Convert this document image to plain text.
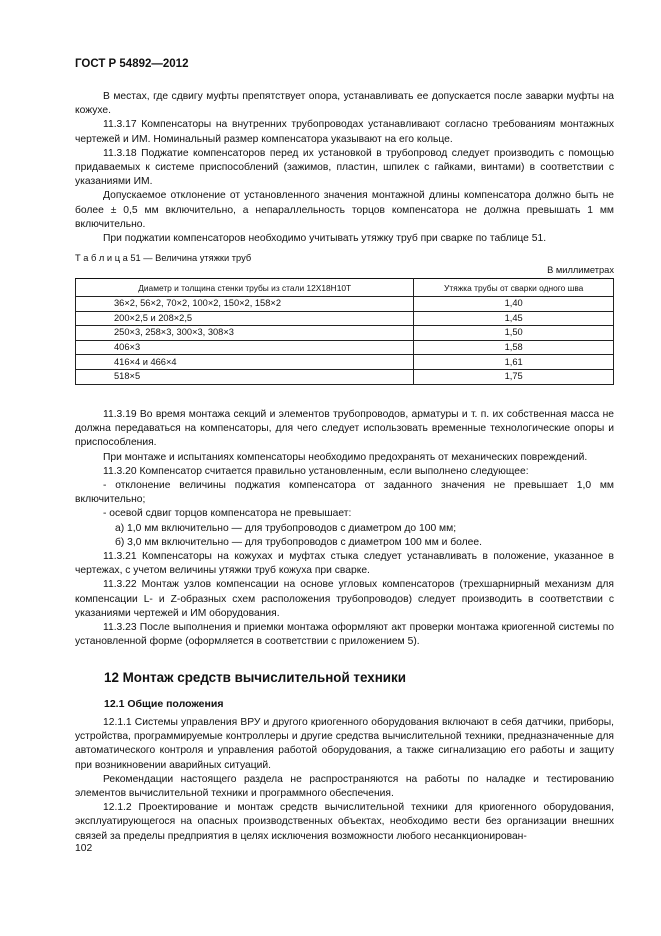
ГОСТ Р 54892—2012

В местах, где сдвигу муфты препятствует опора, устанавливать ее допускается после заварки муфты на кожухе.

11.3.17 Компенсаторы на внутренних трубопроводах устанавливают согласно требованиям монтажных чертежей и ИМ. Номинальный размер компенсатора указывают на его кольце.

11.3.18 Поджатие компенсаторов перед их установкой в трубопровод следует производить с помощью придаваемых к системе приспособлений (зажимов, пластин, шпилек с гайками, винтами) в соответствии с указаниями ИМ.

Допускаемое отклонение от установленного значения монтажной длины компенсатора должно быть не более ± 0,5 мм включительно, а непараллельность торцов компенсатора не должна превышать 1 мм включительно.

При поджатии компенсаторов необходимо учитывать утяжку труб при сварке по таблице 51.

Т а б л и ц а 51 — Величина утяжки труб
В миллиметрах
Диаметр и толщина стенки трубы из стали 12Х18Н10Т	Утяжка трубы от сварки одного шва
36×2, 56×2, 70×2, 100×2, 150×2, 158×2	1,40
200×2,5 и 208×2,5	1,45
250×3, 258×3, 300×3, 308×3	1,50
406×3	1,58
416×4 и 466×4	1,61
518×5	1,75

11.3.19 Во время монтажа секций и элементов трубопроводов, арматуры и т. п. их собственная масса не должна передаваться на компенсаторы, для чего следует использовать временные технологические опоры и приспособления.

При монтаже и испытаниях компенсаторы необходимо предохранять от механических повреждений.

11.3.20 Компенсатор считается правильно установленным, если выполнено следующее:

- отклонение величины поджатия компенсатора от заданного значения не превышает 1,0 мм включительно;

- осевой сдвиг торцов компенсатора не превышает:

а) 1,0 мм включительно — для трубопроводов с диаметром до 100 мм;

б) 3,0 мм включительно — для трубопроводов с диаметром 100 мм и более.

11.3.21 Компенсаторы на кожухах и муфтах стыка следует устанавливать в положение, указанное в чертежах, с учетом величины утяжки труб кожуха при сварке.

11.3.22 Монтаж узлов компенсации на основе угловых компенсаторов (трехшарнирный механизм для компенсации L- и Z-образных схем расположения трубопроводов) следует производить в соответствии с указаниями чертежей и ИМ оборудования.

11.3.23 После выполнения и приемки монтажа оформляют акт проверки монтажа криогенной системы по установленной форме (оформляется в соответствии с приложением 5).

12 Монтаж средств вычислительной техники
12.1 Общие положения

12.1.1 Системы управления ВРУ и другого криогенного оборудования включают в себя датчики, приборы, устройства, программируемые контроллеры и другие средства вычислительной техники, предназначенные для автоматического контроля и управления работой оборудования, а также сигнализацию его работы и защиту при возникновении аварийных ситуаций.

Рекомендации настоящего раздела не распространяются на работы по наладке и тестированию элементов вычислительной техники и программного обеспечения.

12.1.2 Проектирование и монтаж средств вычислительной техники для криогенного оборудования, эксплуатирующегося на опасных производственных объектах, необходимо вести без организации внешних связей за пределы предприятия в целях исключения возможности любого несанкционирован-

102
